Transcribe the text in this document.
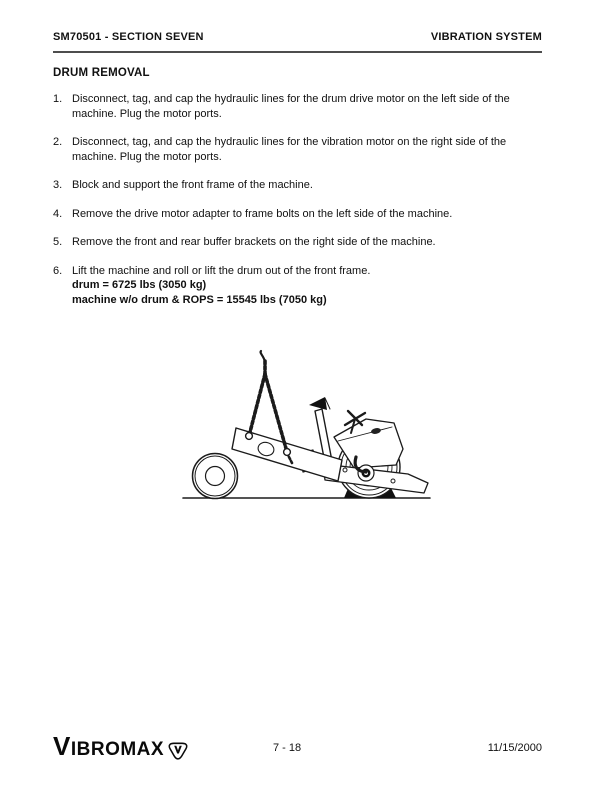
SM70501 - SECTION SEVEN	VIBRATION SYSTEM
DRUM REMOVAL
1. Disconnect, tag, and cap the hydraulic lines for the drum drive motor on the left side of the machine. Plug the motor ports.
2. Disconnect, tag, and cap the hydraulic lines for the vibration motor on the right side of the machine. Plug the motor ports.
3. Block and support the front frame of the machine.
4. Remove the drive motor adapter to frame bolts on the left side of the machine.
5. Remove the front and rear buffer brackets on the right side of the machine.
6. Lift the machine and roll or lift the drum out of the front frame.
drum = 6725 lbs (3050 kg)
machine w/o drum & ROPS = 15545 lbs (7050 kg)
VIBROMAX	7 - 18	11/15/2000
